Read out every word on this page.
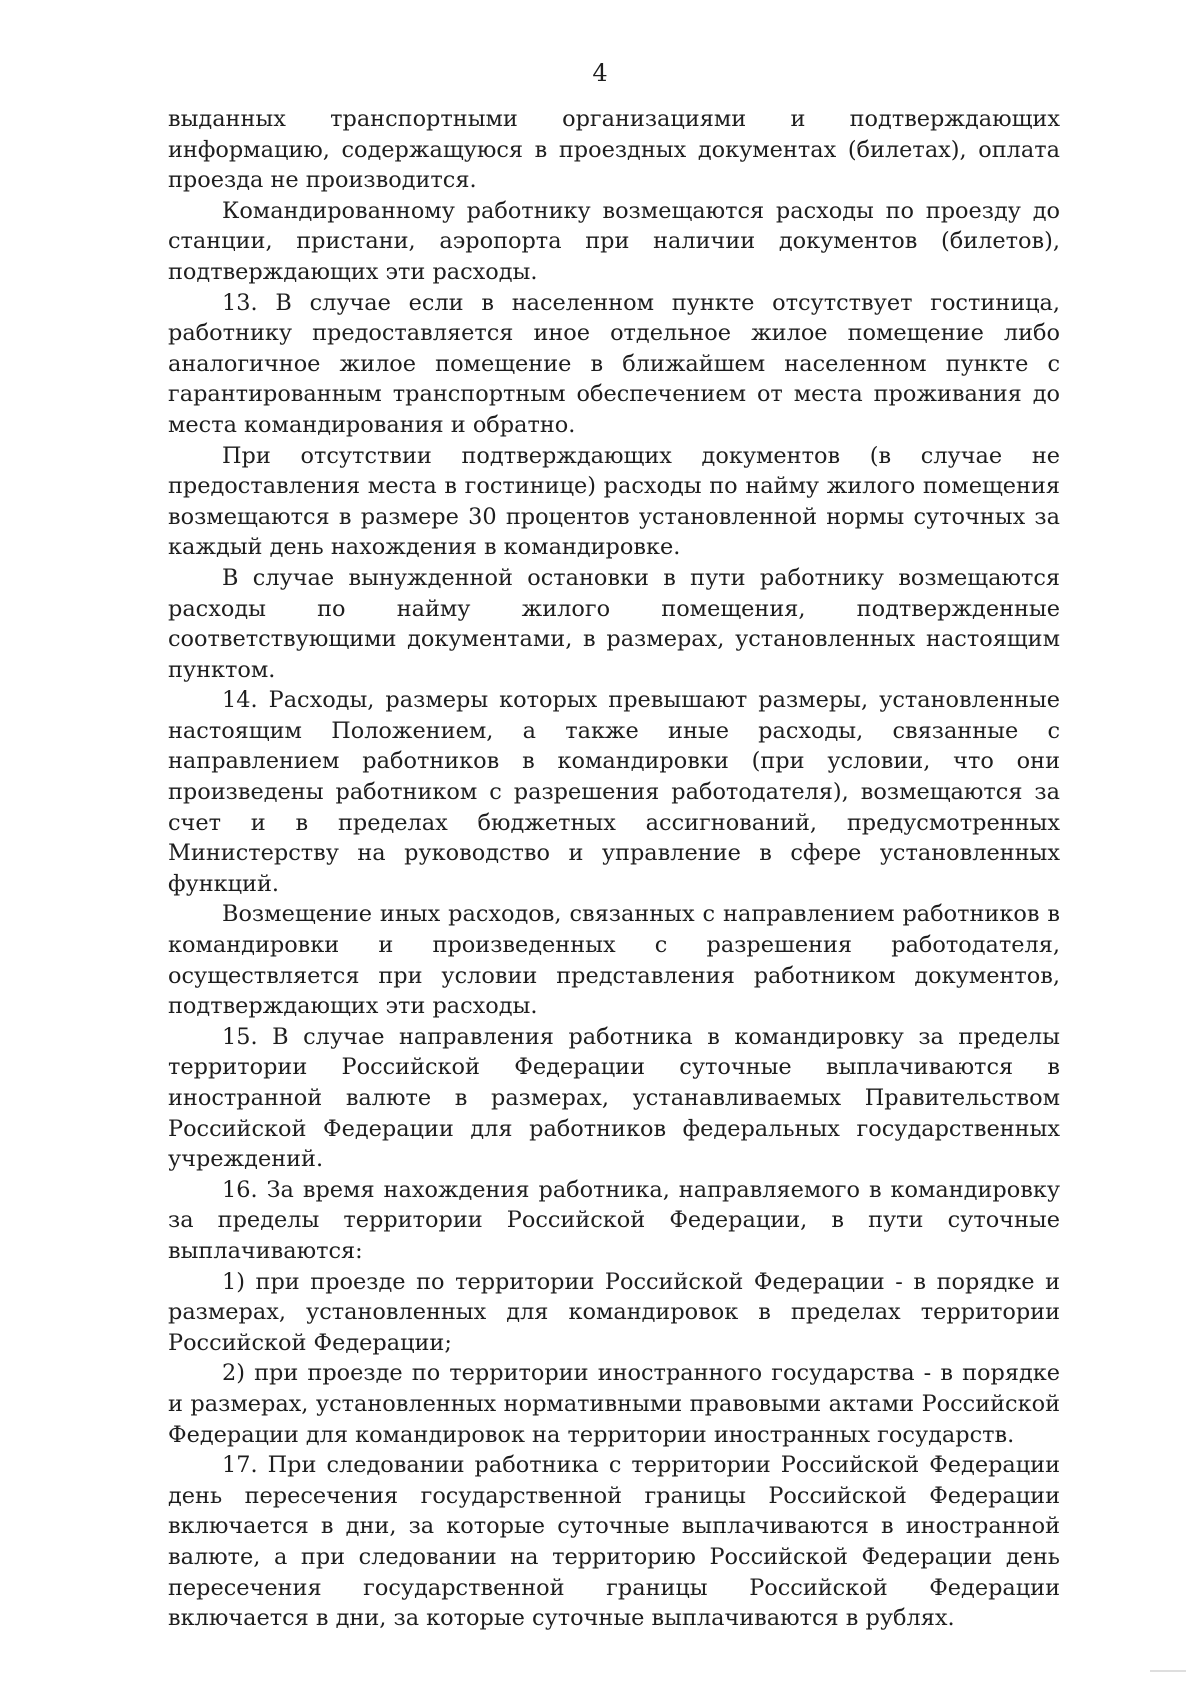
4

выданных транспортными организациями и подтверждающих информацию, содержащуюся в проездных документах (билетах), оплата проезда не производится.

Командированному работнику возмещаются расходы по проезду до станции, пристани, аэропорта при наличии документов (билетов), подтверждающих эти расходы.

13. В случае если в населенном пункте отсутствует гостиница, работнику предоставляется иное отдельное жилое помещение либо аналогичное жилое помещение в ближайшем населенном пункте с гарантированным транспортным обеспечением от места проживания до места командирования и обратно.

При отсутствии подтверждающих документов (в случае не предоставления места в гостинице) расходы по найму жилого помещения возмещаются в размере 30 процентов установленной нормы суточных за каждый день нахождения в командировке.

В случае вынужденной остановки в пути работнику возмещаются расходы по найму жилого помещения, подтвержденные соответствующими документами, в размерах, установленных настоящим пунктом.

14. Расходы, размеры которых превышают размеры, установленные настоящим Положением, а также иные расходы, связанные с направлением работников в командировки (при условии, что они произведены работником с разрешения работодателя), возмещаются за счет и в пределах бюджетных ассигнований, предусмотренных Министерству на руководство и управление в сфере установленных функций.

Возмещение иных расходов, связанных с направлением работников в командировки и произведенных с разрешения работодателя, осуществляется при условии представления работником документов, подтверждающих эти расходы.

15. В случае направления работника в командировку за пределы территории Российской Федерации суточные выплачиваются в иностранной валюте в размерах, устанавливаемых Правительством Российской Федерации для работников федеральных государственных учреждений.

16. За время нахождения работника, направляемого в командировку за пределы территории Российской Федерации, в пути суточные выплачиваются:

1) при проезде по территории Российской Федерации - в порядке и размерах, установленных для командировок в пределах территории Российской Федерации;

2) при проезде по территории иностранного государства - в порядке и размерах, установленных нормативными правовыми актами Российской Федерации для командировок на территории иностранных государств.

17. При следовании работника с территории Российской Федерации день пересечения государственной границы Российской Федерации включается в дни, за которые суточные выплачиваются в иностранной валюте, а при следовании на территорию Российской Федерации день пересечения государственной границы Российской Федерации включается в дни, за которые суточные выплачиваются в рублях.
